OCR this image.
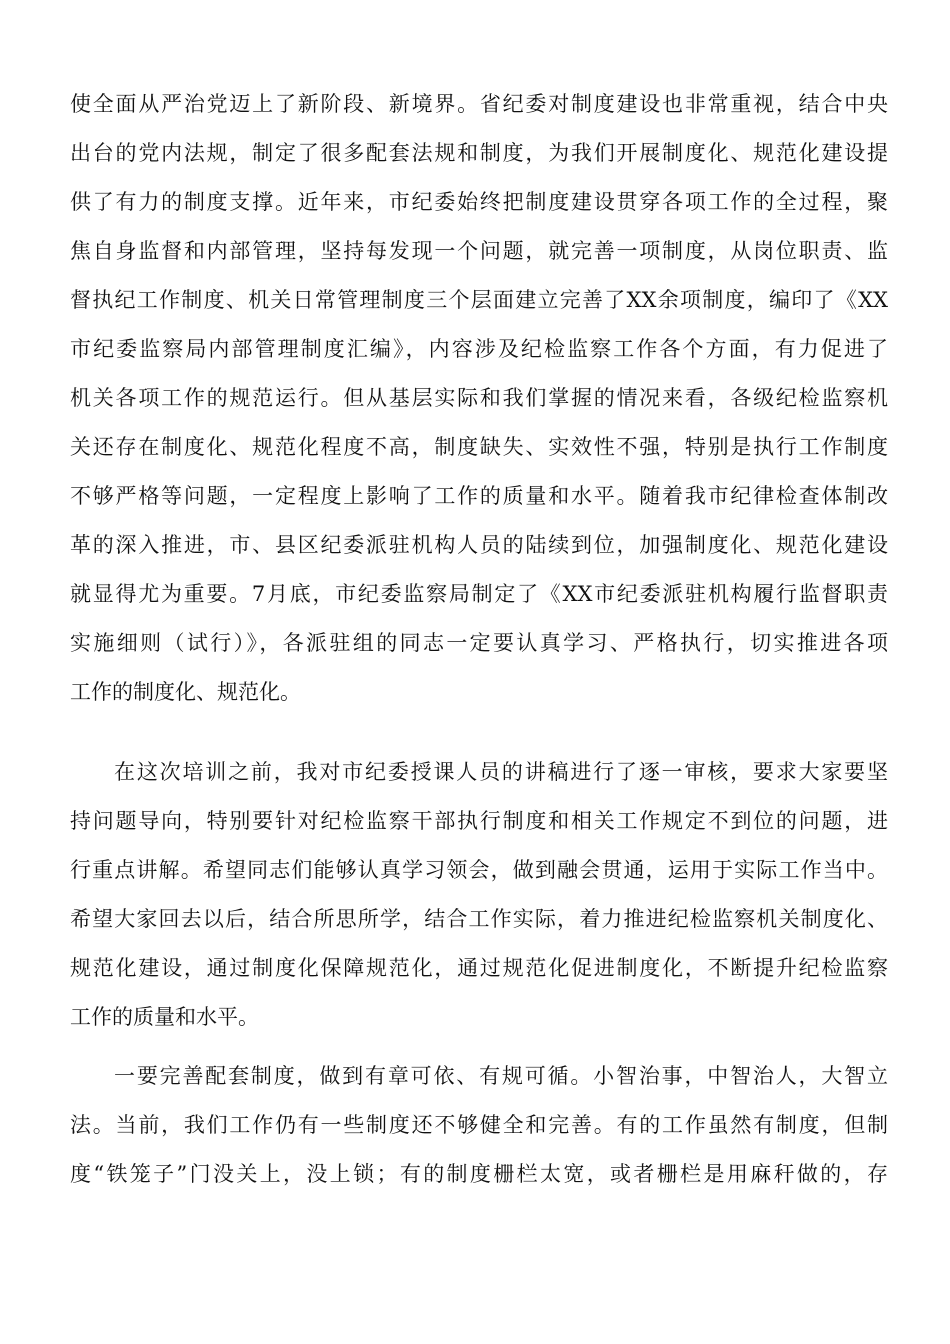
使全面从严治党迈上了新阶段、新境界。省纪委对制度建设也非常重视，结合中央
出台的党内法规，制定了很多配套法规和制度，为我们开展制度化、规范化建设提
供了有力的制度支撑。近年来，市纪委始终把制度建设贯穿各项工作的全过程，聚
焦自身监督和内部管理，坚持每发现一个问题，就完善一项制度，从岗位职责、监
督执纪工作制度、机关日常管理制度三个层面建立完善了XX余项制度，编印了《XX
市纪委监察局内部管理制度汇编》，内容涉及纪检监察工作各个方面，有力促进了
机关各项工作的规范运行。但从基层实际和我们掌握的情况来看，各级纪检监察机
关还存在制度化、规范化程度不高，制度缺失、实效性不强，特别是执行工作制度
不够严格等问题，一定程度上影响了工作的质量和水平。随着我市纪律检查体制改
革的深入推进，市、县区纪委派驻机构人员的陆续到位，加强制度化、规范化建设
就显得尤为重要。7月底，市纪委监察局制定了《XX市纪委派驻机构履行监督职责
实施细则（试行）》，各派驻组的同志一定要认真学习、严格执行，切实推进各项
工作的制度化、规范化。
在这次培训之前，我对市纪委授课人员的讲稿进行了逐一审核，要求大家要坚
持问题导向，特别要针对纪检监察干部执行制度和相关工作规定不到位的问题，进
行重点讲解。希望同志们能够认真学习领会，做到融会贯通，运用于实际工作当中。
希望大家回去以后，结合所思所学，结合工作实际，着力推进纪检监察机关制度化、
规范化建设，通过制度化保障规范化，通过规范化促进制度化，不断提升纪检监察
工作的质量和水平。
一要完善配套制度，做到有章可依、有规可循。小智治事，中智治人，大智立
法。当前，我们工作仍有一些制度还不够健全和完善。有的工作虽然有制度，但制
度“铁笼子”门没关上，没上锁；有的制度栅栏太宽，或者栅栏是用麻秆做的，存
